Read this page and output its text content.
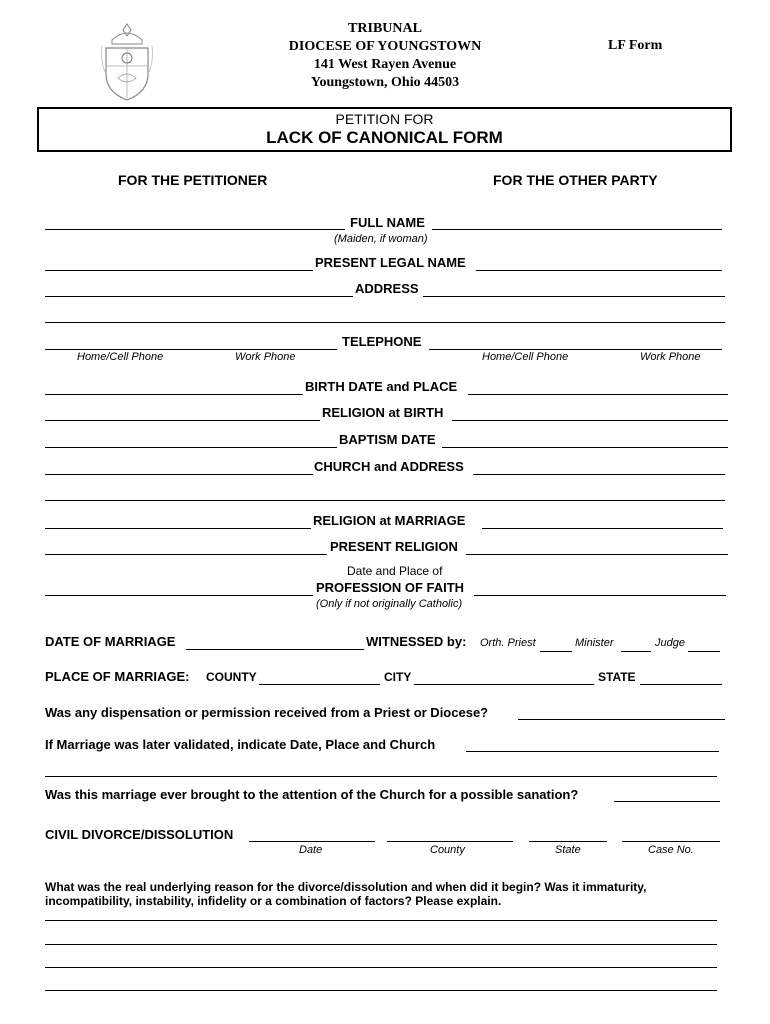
TRIBUNAL
DIOCESE OF YOUNGSTOWN
141 West Rayen Avenue
Youngstown, Ohio 44503
LF Form
PETITION FOR
LACK OF CANONICAL FORM
FOR THE PETITIONER	FOR THE OTHER PARTY
FULL NAME
(Maiden, if woman)
PRESENT LEGAL NAME
ADDRESS
TELEPHONE
Home/Cell Phone	Work Phone	Home/Cell Phone	Work Phone
BIRTH DATE and PLACE
RELIGION at BIRTH
BAPTISM DATE
CHURCH and ADDRESS
RELIGION at MARRIAGE
PRESENT RELIGION
Date and Place of
PROFESSION OF FAITH
(Only if not originally Catholic)
DATE OF MARRIAGE	WITNESSED by: Orth. Priest	Minister	Judge
PLACE OF MARRIAGE: COUNTY	CITY	STATE
Was any dispensation or permission received from a Priest or Diocese?
If Marriage was later validated, indicate Date, Place and Church
Was this marriage ever brought to the attention of the Church for a possible sanation?
CIVIL DIVORCE/DISSOLUTION
Date	County	State	Case No.
What was the real underlying reason for the divorce/dissolution and when did it begin? Was it immaturity,
incompatibility, instability, infidelity or a combination of factors? Please explain.
